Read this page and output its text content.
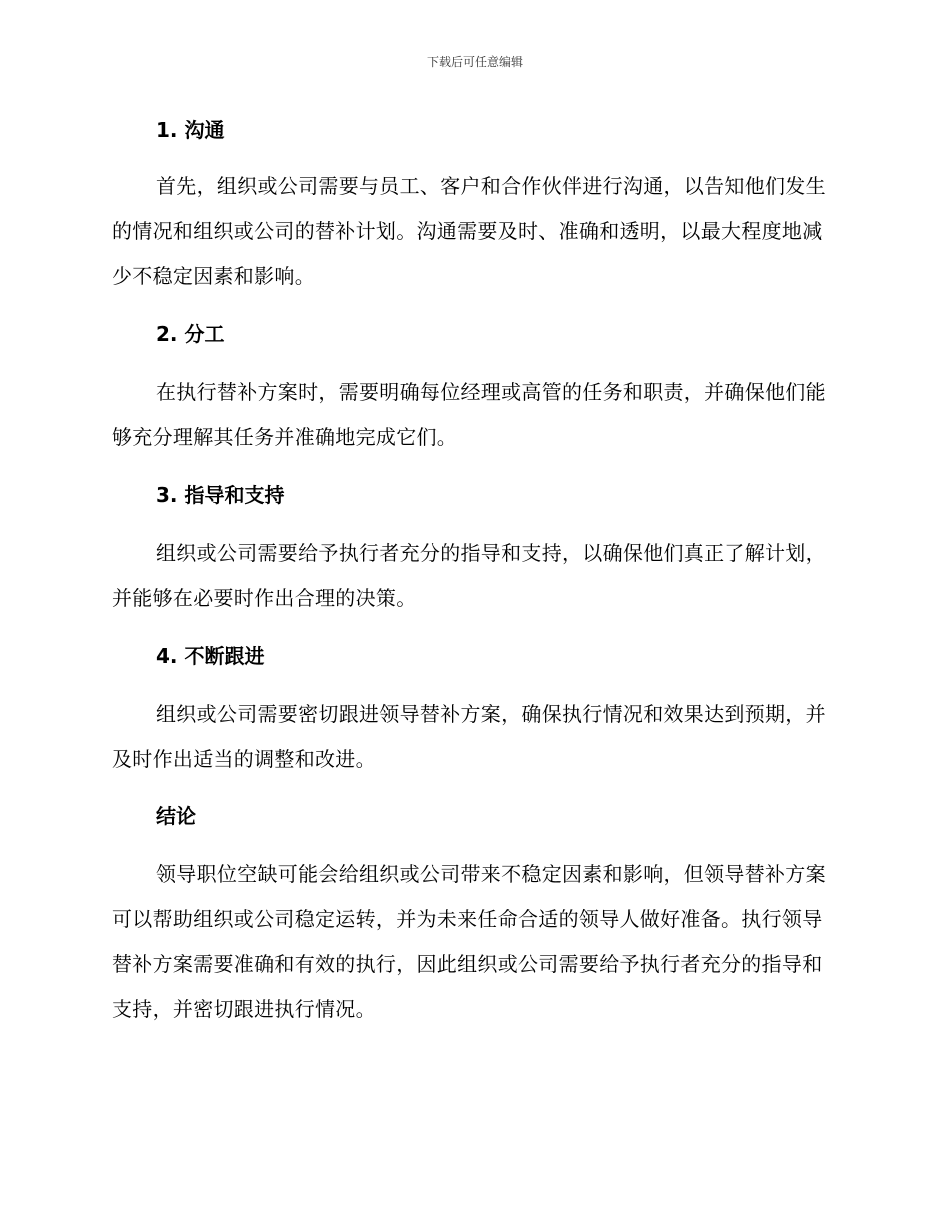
下载后可任意编辑
1. 沟通

首先，组织或公司需要与员工、客户和合作伙伴进行沟通，以告知他们发生的情况和组织或公司的替补计划。沟通需要及时、准确和透明，以最大程度地减少不稳定因素和影响。

2. 分工

在执行替补方案时，需要明确每位经理或高管的任务和职责，并确保他们能够充分理解其任务并准确地完成它们。

3. 指导和支持

组织或公司需要给予执行者充分的指导和支持，以确保他们真正了解计划，并能够在必要时作出合理的决策。

4. 不断跟进

组织或公司需要密切跟进领导替补方案，确保执行情况和效果达到预期，并及时作出适当的调整和改进。

结论

领导职位空缺可能会给组织或公司带来不稳定因素和影响，但领导替补方案可以帮助组织或公司稳定运转，并为未来任命合适的领导人做好准备。执行领导替补方案需要准确和有效的执行，因此组织或公司需要给予执行者充分的指导和支持，并密切跟进执行情况。
